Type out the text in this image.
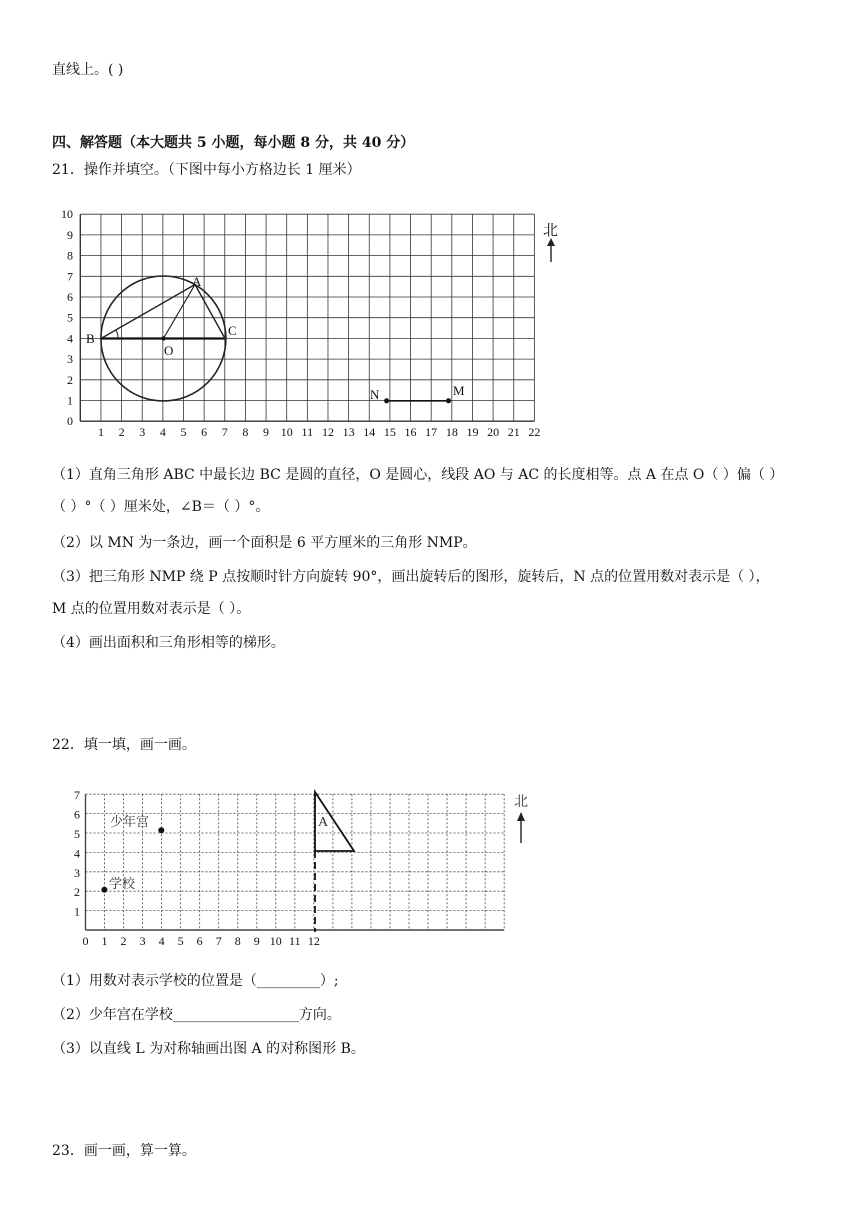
直线上。( )
四、解答题（本大题共 5 小题，每小题 8 分，共 40 分）
21．操作并填空。（下图中每小方格边长 1 厘米）
1 2 3 4 5 6 7 8 9 10 11 12 13 14 15 16 17 18 19 20 21 22
0
1
2
3
4
5
6
7
8
9
10
A
B
C
O
N	M
北
（1）直角三角形 ABC 中最长边 BC 是圆的直径，O 是圆心，线段 AO 与 AC 的长度相等。点 A 在点 O（ ）偏（ ）
（ ）°（ ）厘米处，∠B＝（ ）°。
（2）以 MN 为一条边，画一个面积是 6 平方厘米的三角形 NMP。
（3）把三角形 NMP 绕 P 点按顺时针方向旋转 90°，画出旋转后的图形，旋转后，N 点的位置用数对表示是（ ），
M 点的位置用数对表示是（ ）。
（4）画出面积和三角形相等的梯形。
22．填一填，画一画。
0 1 2 3 4 5 6 7 8 9 10 11 12
1
2
3
4
5
6
7
少年宫
学校
A
北
（1）用数对表示学校的位置是（_________）;
（2）少年宫在学校__________________方向。
（3）以直线 L 为对称轴画出图 A 的对称图形 B。
23．画一画，算一算。
